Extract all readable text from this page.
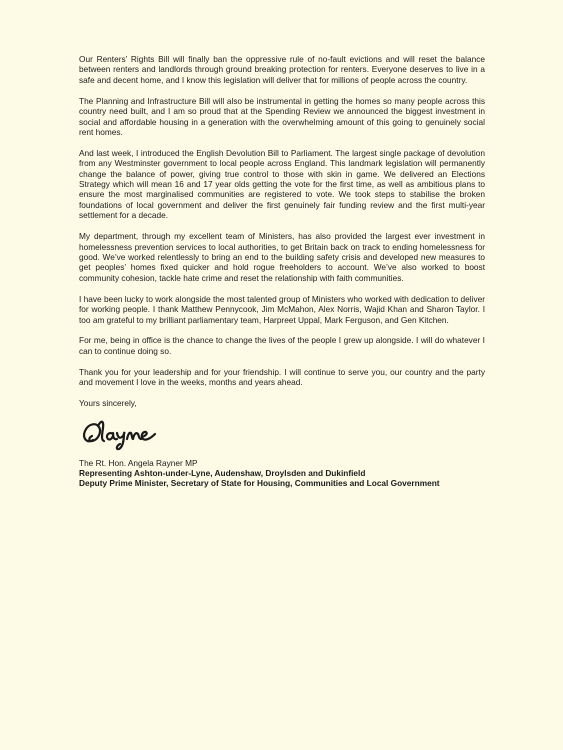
Our Renters’ Rights Bill will finally ban the oppressive rule of no-fault evictions and will reset the balance between renters and landlords through ground breaking protection for renters. Everyone deserves to live in a safe and decent home, and I know this legislation will deliver that for millions of people across the country.

The Planning and Infrastructure Bill will also be instrumental in getting the homes so many people across this country need built, and I am so proud that at the Spending Review we announced the biggest investment in social and affordable housing in a generation with the overwhelming amount of this going to genuinely social rent homes.

And last week, I introduced the English Devolution Bill to Parliament. The largest single package of devolution from any Westminster government to local people across England. This landmark legislation will permanently change the balance of power, giving true control to those with skin in game. We delivered an Elections Strategy which will mean 16 and 17 year olds getting the vote for the first time, as well as ambitious plans to ensure the most marginalised communities are registered to vote. We took steps to stabilise the broken foundations of local government and deliver the first genuinely fair funding review and the first multi-year settlement for a decade.

My department, through my excellent team of Ministers, has also provided the largest ever investment in homelessness prevention services to local authorities, to get Britain back on track to ending homelessness for good. We’ve worked relentlessly to bring an end to the building safety crisis and developed new measures to get peoples’ homes fixed quicker and hold rogue freeholders to account. We’ve also worked to boost community cohesion, tackle hate crime and reset the relationship with faith communities.

I have been lucky to work alongside the most talented group of Ministers who worked with dedication to deliver for working people. I thank Matthew Pennycook, Jim McMahon, Alex Norris, Wajid Khan and Sharon Taylor. I too am grateful to my brilliant parliamentary team, Harpreet Uppal, Mark Ferguson, and Gen Kitchen.

For me, being in office is the chance to change the lives of the people I grew up alongside. I will do whatever I can to continue doing so.

Thank you for your leadership and for your friendship. I will continue to serve you, our country and the party and movement I love in the weeks, months and years ahead.

Yours sincerely,
The Rt. Hon. Angela Rayner MP
Representing Ashton-under-Lyne, Audenshaw, Droylsden and Dukinfield
Deputy Prime Minister, Secretary of State for Housing, Communities and Local Government
